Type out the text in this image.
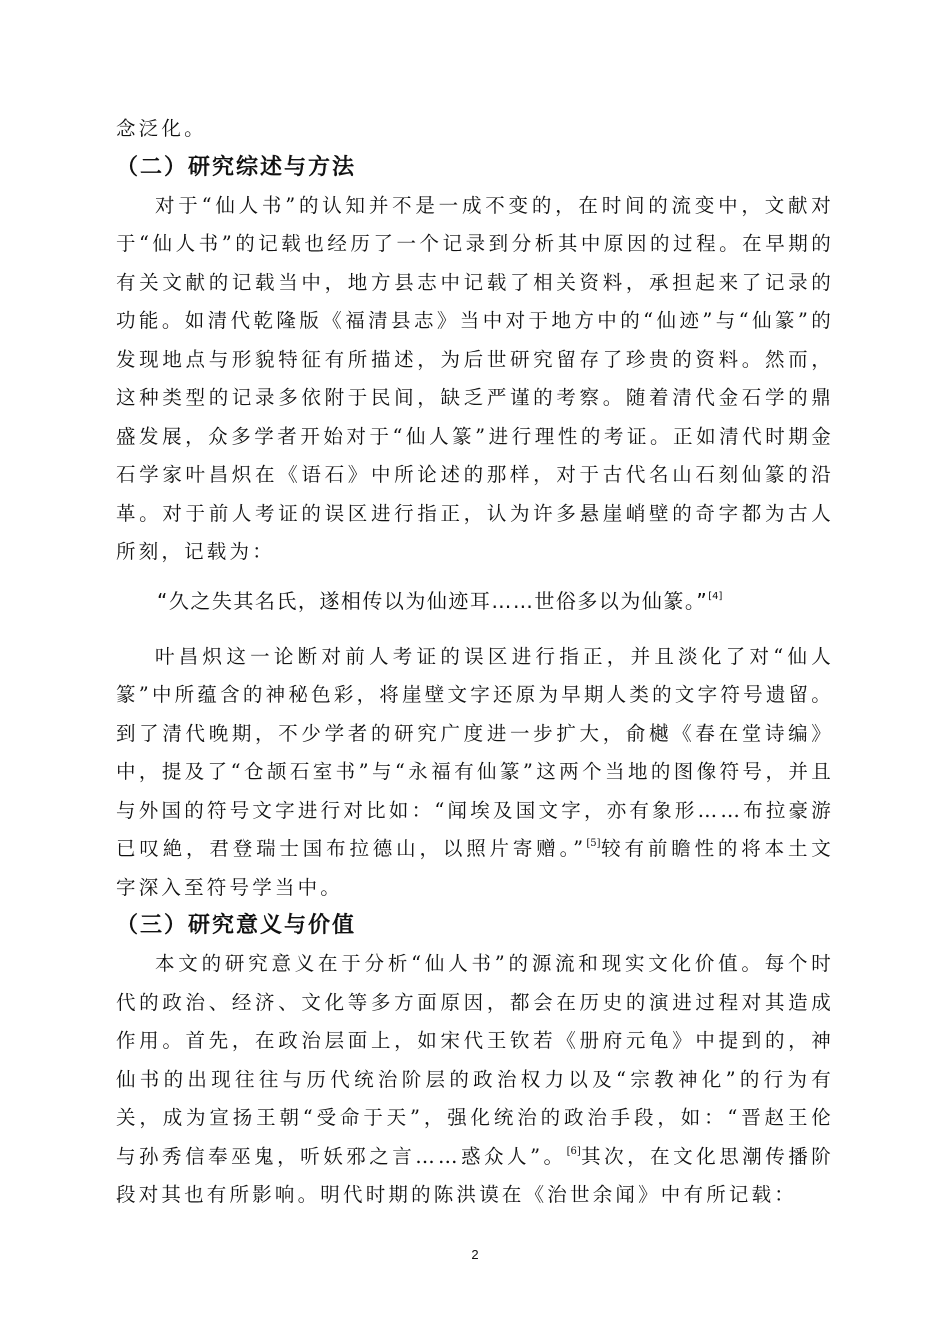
念泛化。

（二）研究综述与方法

对于“仙人书”的认知并不是一成不变的，在时间的流变中，文献对于“仙人书”的记载也经历了一个记录到分析其中原因的过程。在早期的有关文献的记载当中，地方县志中记载了相关资料，承担起来了记录的功能。如清代乾隆版《福清县志》当中对于地方中的“仙迹”与“仙篆”的发现地点与形貌特征有所描述，为后世研究留存了珍贵的资料。然而，这种类型的记录多依附于民间，缺乏严谨的考察。随着清代金石学的鼎盛发展，众多学者开始对于“仙人篆”进行理性的考证。正如清代时期金石学家叶昌炽在《语石》中所论述的那样，对于古代名山石刻仙篆的沿革。对于前人考证的误区进行指正，认为许多悬崖峭壁的奇字都为古人所刻，记载为：

“久之失其名氏，遂相传以为仙迹耳……世俗多以为仙篆。”[4]

叶昌炽这一论断对前人考证的误区进行指正，并且淡化了对“仙人篆”中所蕴含的神秘色彩，将崖壁文字还原为早期人类的文字符号遗留。到了清代晚期，不少学者的研究广度进一步扩大，俞樾《春在堂诗编》中，提及了“仓颉石室书”与“永福有仙篆”这两个当地的图像符号，并且与外国的符号文字进行对比如：“闻埃及国文字，亦有象形……布拉豪游已叹絶，君登瑞士国布拉德山，以照片寄赠。”[5]较有前瞻性的将本土文字深入至符号学当中。

（三）研究意义与价值

本文的研究意义在于分析“仙人书”的源流和现实文化价值。每个时代的政治、经济、文化等多方面原因，都会在历史的演进过程对其造成作用。首先，在政治层面上，如宋代王钦若《册府元龟》中提到的，神仙书的出现往往与历代统治阶层的政治权力以及“宗教神化”的行为有关，成为宣扬王朝“受命于天”，强化统治的政治手段，如：“晋赵王伦与孙秀信奉巫鬼，听妖邪之言……惑众人”。[6]其次，在文化思潮传播阶段对其也有所影响。明代时期的陈洪谟在《治世余闻》中有所记载：

2
